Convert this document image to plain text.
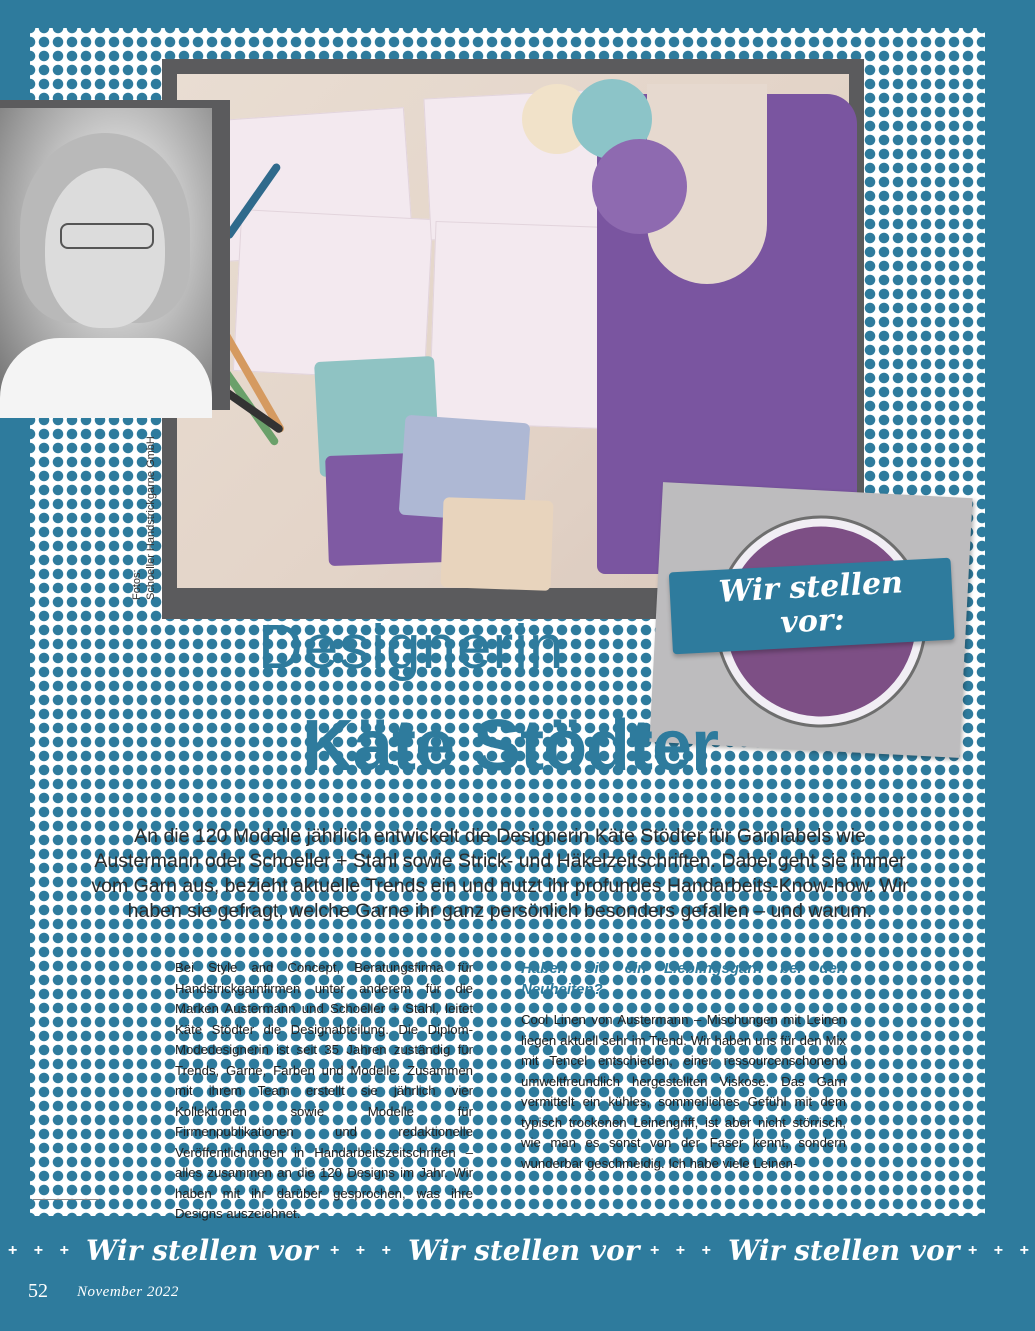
Fotos: Schoeller Handstrickgarne GmbH	Wir stellen
vor:
Designerin
Käte Stödter
An die 120 Modelle jährlich entwickelt die Designerin Käte Stödter für Garnlabels wie Austermann oder Schoeller + Stahl sowie Strick- und Häkelzeitschriften. Dabei geht sie immer vom Garn aus, bezieht aktuelle Trends ein und nutzt ihr profundes Handarbeits-Know-how. Wir haben sie gefragt, welche Garne ihr ganz persönlich besonders gefallen – und warum.
Bei Style and Concept, Beratungsfirma für Handstrickgarnfirmen unter anderem für die Marken Austermann und Schoeller + Stahl, leitet Käte Stödter die Designabteilung. Die Diplom-Modedesignerin ist seit 35 Jahren zuständig für Trends, Garne, Farben und Modelle. Zusammen mit ihrem Team erstellt sie jährlich vier Kollektionen sowie Modelle für Firmenpublikationen und redaktionelle Veröffentlichungen in Handarbeitszeitschriften – alles zusammen an die 120 Designs im Jahr. Wir haben mit ihr darüber gesprochen, was ihre Designs auszeichnet.
Haben Sie ein Lieblingsgarn bei den Neuheiten?
Cool Linen von Austermann – Mischungen mit Leinen liegen aktuell sehr im Trend. Wir haben uns für den Mix mit Tencel entschieden, einer ressourcenschonend umweltfreundlich hergestellten Viskose. Das Garn vermittelt ein kühles, sommerliches Gefühl mit dem typisch trockenen Leinengriff, ist aber nicht störrisch, wie man es sonst von der Faser kennt, sondern wunderbar geschmeidig. Ich habe viele Leinen-
+ + + Wir stellen vor + + + Wir stellen vor + + + Wir stellen vor + + +
52 November 2022
